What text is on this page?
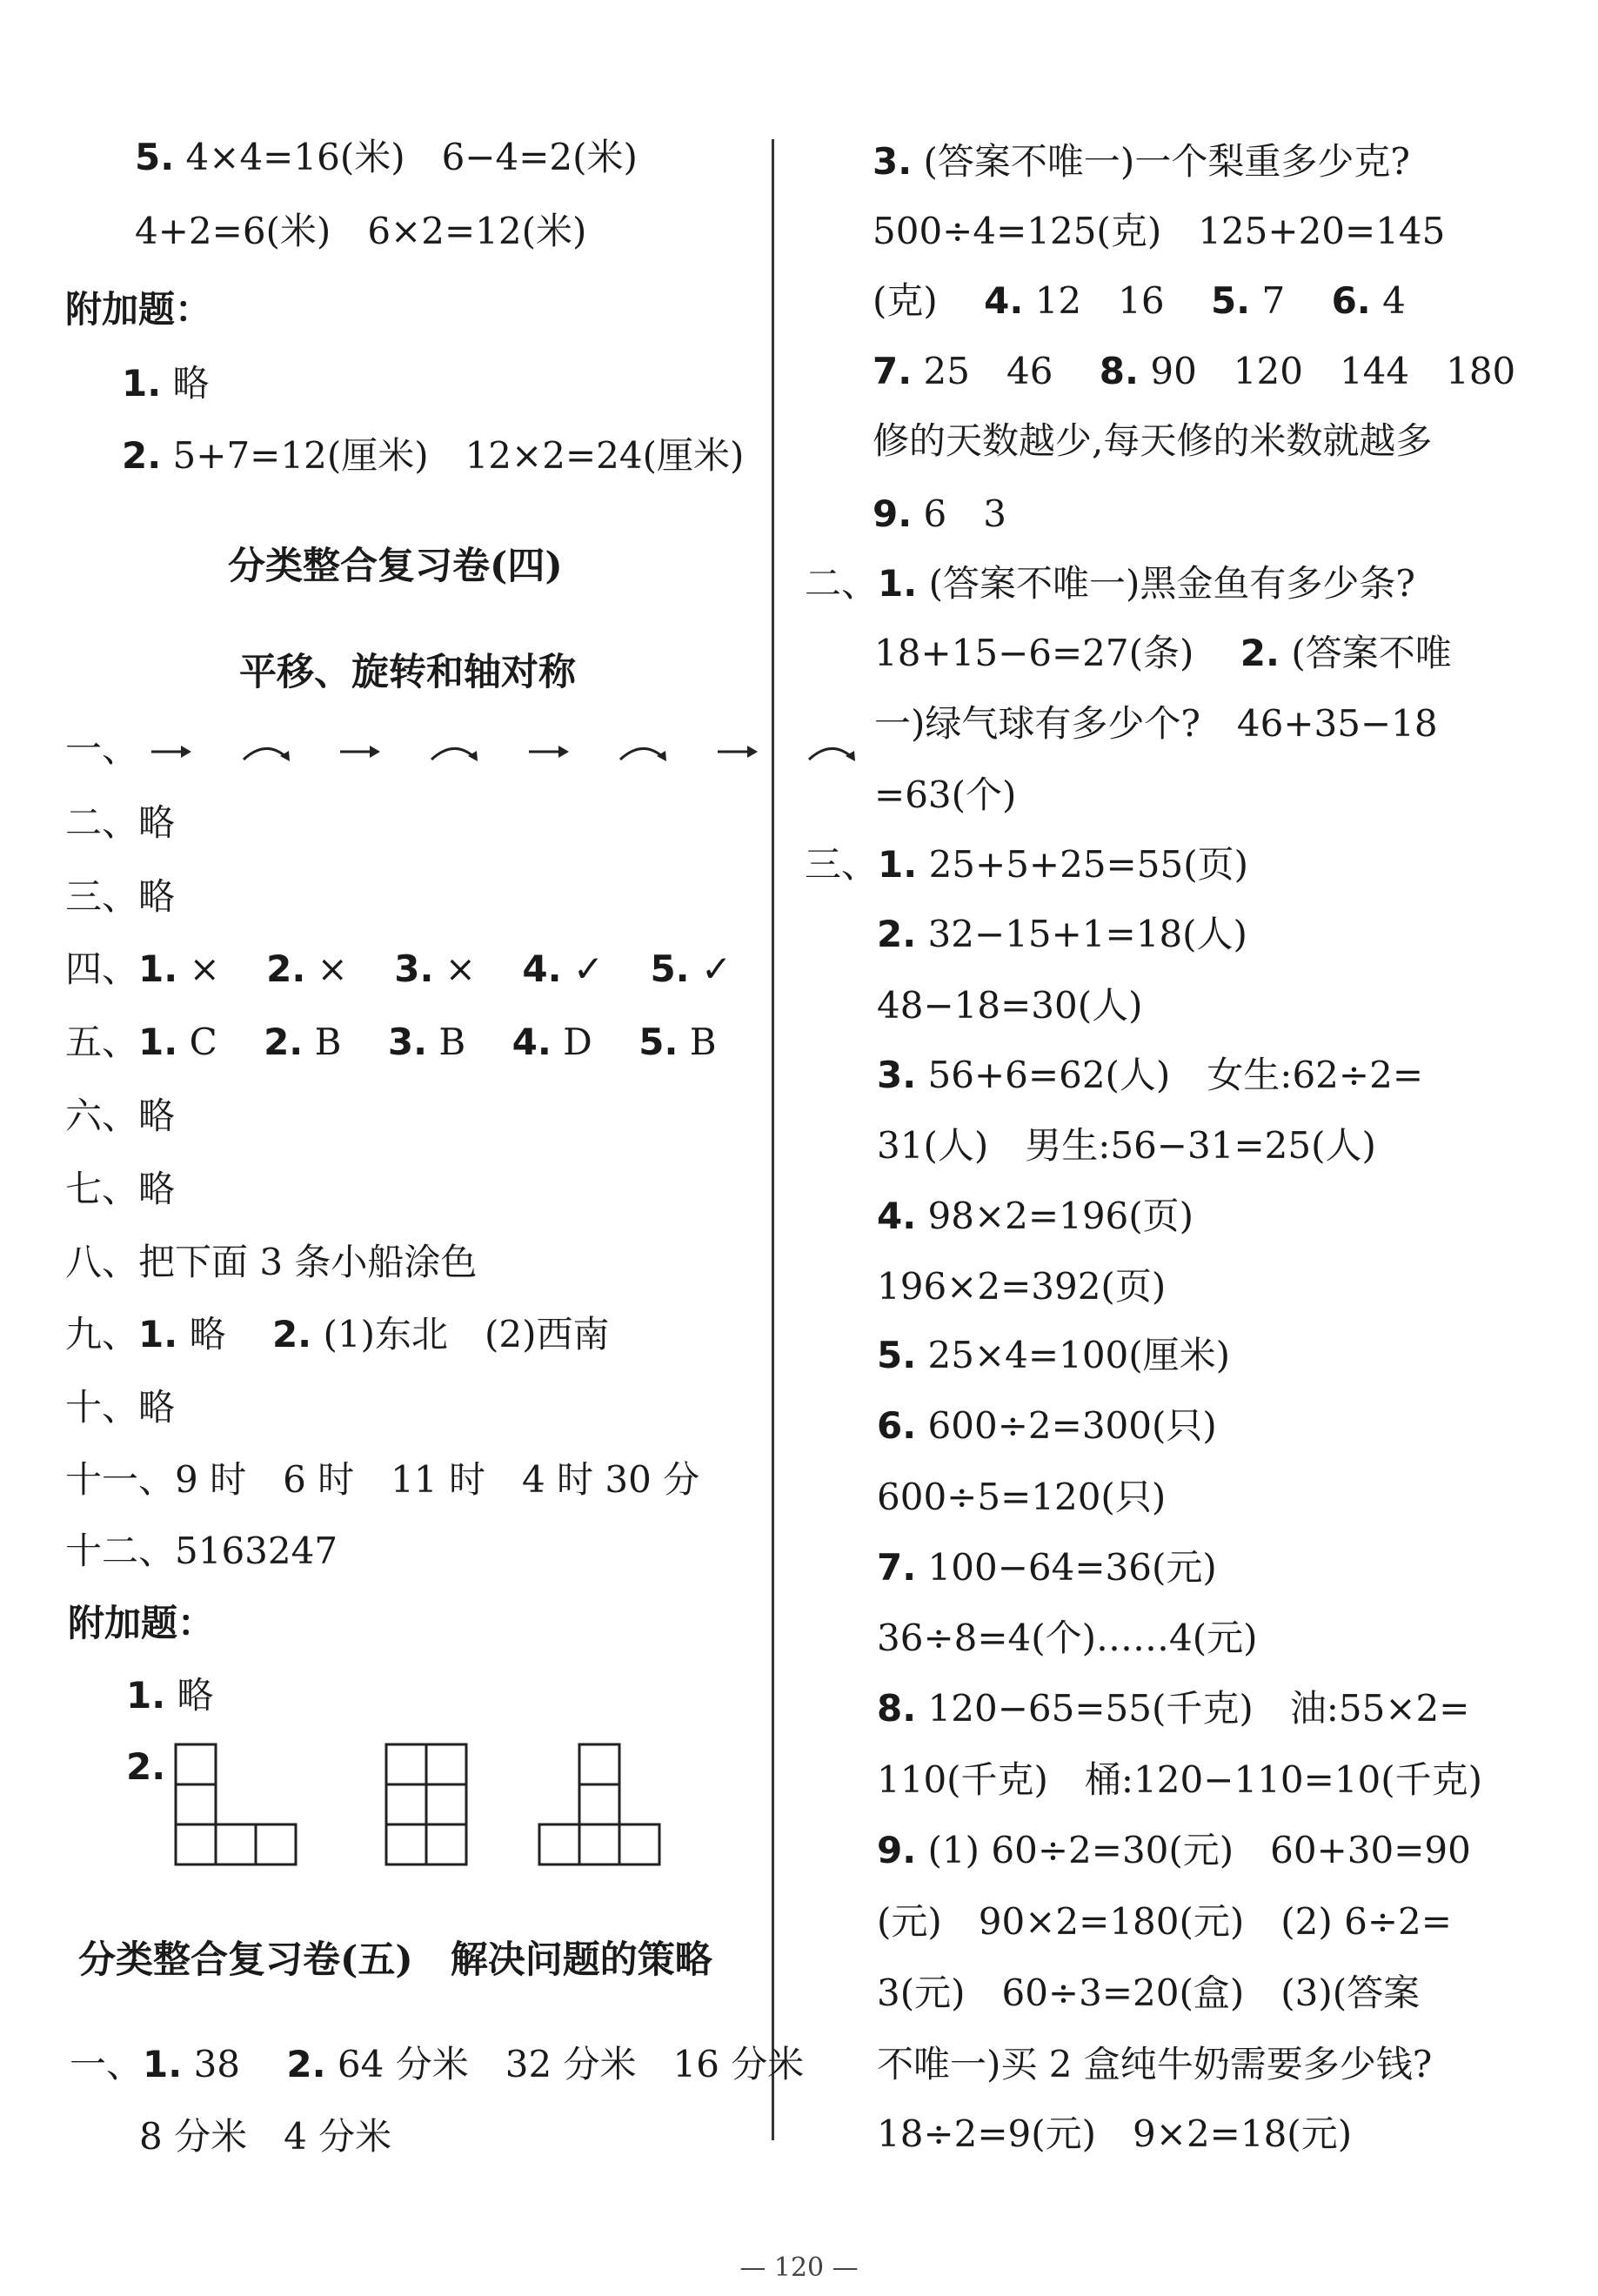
5. 4×4=16(米)　6−4=2(米)
4+2=6(米)　6×2=12(米)
附加题：
1. 略
2. 5+7=12(厘米)　12×2=24(厘米)
分类整合复习卷(四)
平移、旋转和轴对称
一、
二、略
三、略
四、1. × 2. × 3. × 4. ✓ 5. ✓
五、1. C 2. B 3. B 4. D 5. B
六、略
七、略
八、把下面 3 条小船涂色
九、1. 略 2. (1)东北　(2)西南
十、略
十一、9 时　6 时　11 时　4 时 30 分
十二、5163247
附加题：
1. 略
2.
分类整合复习卷(五)　解决问题的策略
一、1. 38 2. 64 分米　32 分米　16 分米
8 分米　4 分米
3. (答案不唯一)一个梨重多少克?
500÷4=125(克)　125+20=145
(克) 4. 12　16 5. 7 6. 4
7. 25　46 8. 90　120　144　180
修的天数越少,每天修的米数就越多
9. 6　3
二、1. (答案不唯一)黑金鱼有多少条?
18+15−6=27(条) 2. (答案不唯
一)绿气球有多少个?　46+35−18
=63(个)
三、1. 25+5+25=55(页)
2. 32−15+1=18(人)
48−18=30(人)
3. 56+6=62(人)　女生:62÷2=
31(人)　男生:56−31=25(人)
4. 98×2=196(页)
196×2=392(页)
5. 25×4=100(厘米)
6. 600÷2=300(只)
600÷5=120(只)
7. 100−64=36(元)
36÷8=4(个)……4(元)
8. 120−65=55(千克)　油:55×2=
110(千克)　桶:120−110=10(千克)
9. (1) 60÷2=30(元)　60+30=90
(元)　90×2=180(元)　(2) 6÷2=
3(元)　60÷3=20(盒)　(3)(答案
不唯一)买 2 盒纯牛奶需要多少钱?
18÷2=9(元)　9×2=18(元)
— 120 —
